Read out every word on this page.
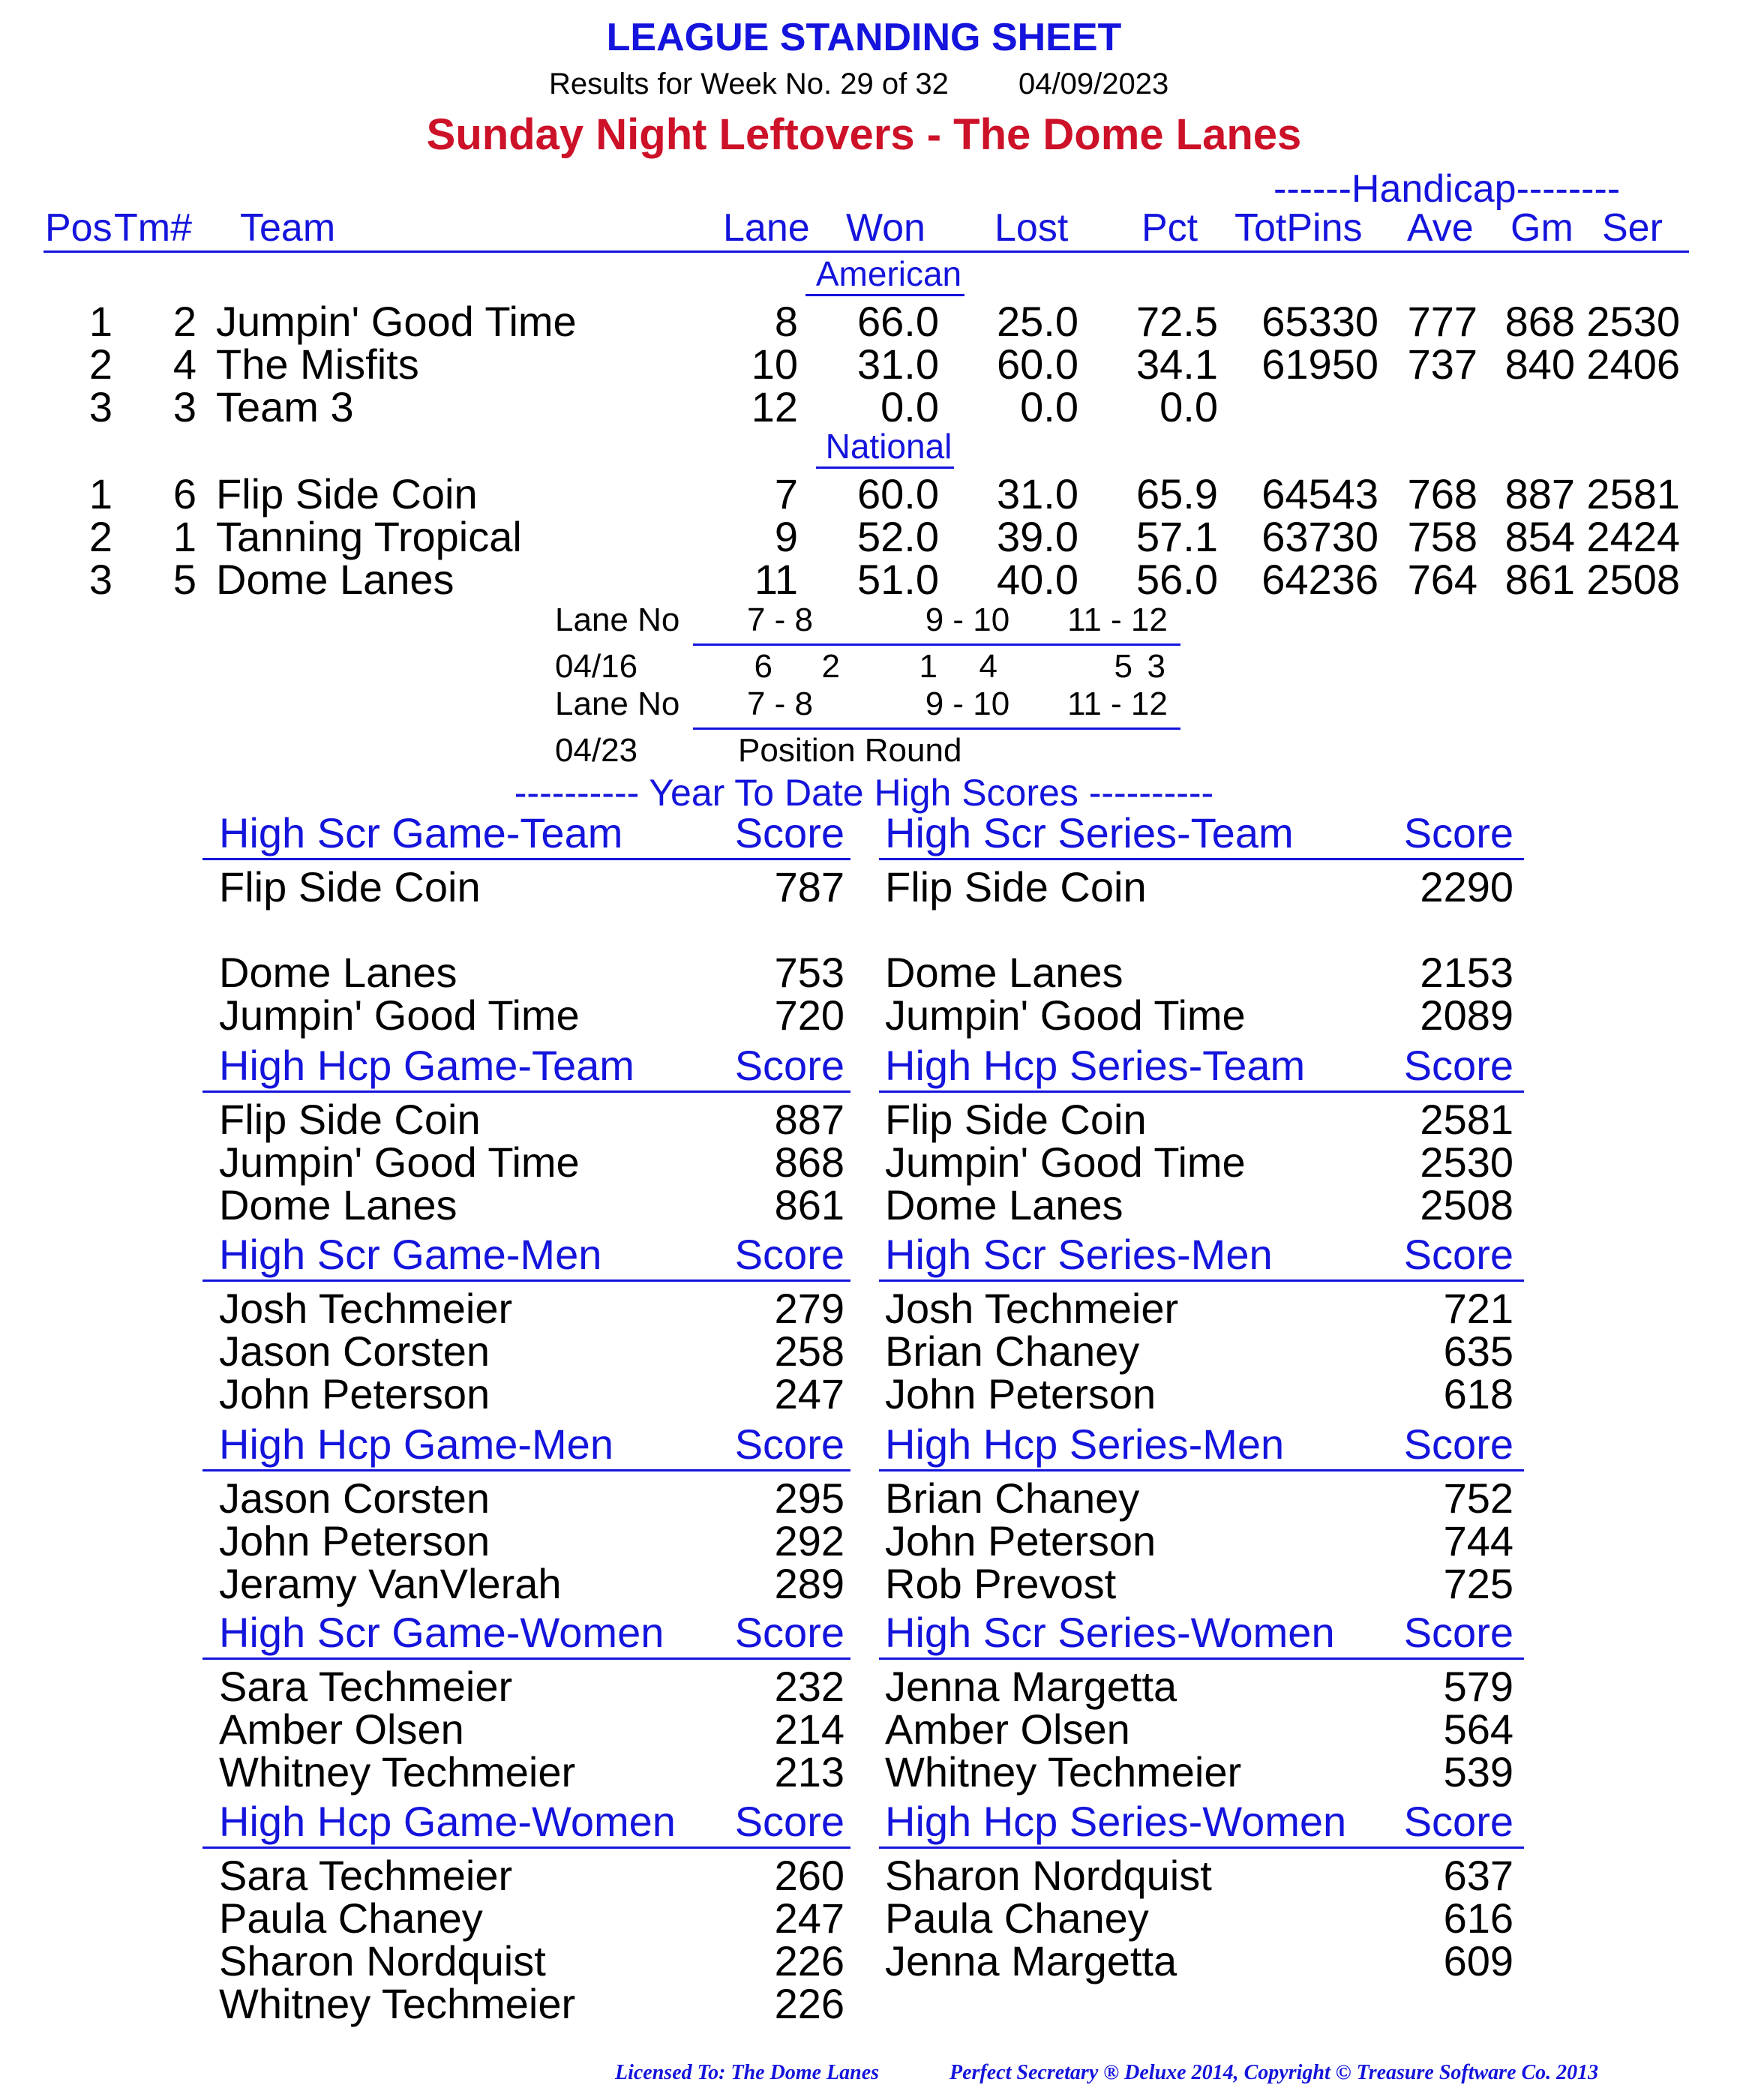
LEAGUE STANDING SHEET
Results for Week No. 29 of 32 04/09/2023
Sunday Night Leftovers - The Dome Lanes
------Handicap--------
Pos Tm# Team	Lane Won Lost Pct TotPins Ave Gm Ser
American
1	2 Jumpin' Good Time	8	66.0	25.0	72.5	65330 777 868 2530
2	4 The Misfits	10	31.0	60.0	34.1	61950 737 840 2406
3	3 Team 3	12	0.0	0.0	0.0
National
1	6 Flip Side Coin	7	60.0	31.0	65.9	64543 768 887 2581
2	1 Tanning Tropical	9	52.0	39.0	57.1	63730 758 854 2424
3	5 Dome Lanes	11	51.0	40.0	56.0	64236 764 861 2508
Lane No	7 - 8	9 - 10	11 - 12
04/16	6	2	1	4	5 3
Lane No	7 - 8	9 - 10	11 - 12
04/23	Position Round
---------- Year To Date High Scores ----------
High Scr Game-Team	Score
Flip Side Coin	787
Dome Lanes	753
Jumpin' Good Time	720
High Scr Series-Team	Score
Flip Side Coin	2290
Dome Lanes	2153
Jumpin' Good Time	2089
High Hcp Game-Team	Score
Flip Side Coin	887
Jumpin' Good Time	868
Dome Lanes	861
High Hcp Series-Team	Score
Flip Side Coin	2581
Jumpin' Good Time	2530
Dome Lanes	2508
High Scr Game-Men	Score
Josh Techmeier	279
Jason Corsten	258
John Peterson	247
High Scr Series-Men	Score
Josh Techmeier	721
Brian Chaney	635
John Peterson	618
High Hcp Game-Men	Score
Jason Corsten	295
John Peterson	292
Jeramy VanVlerah	289
High Hcp Series-Men	Score
Brian Chaney	752
John Peterson	744
Rob Prevost	725
High Scr Game-Women	Score
Sara Techmeier	232
Amber Olsen	214
Whitney Techmeier	213
High Scr Series-Women	Score
Jenna Margetta	579
Amber Olsen	564
Whitney Techmeier	539
High Hcp Game-Women	Score
Sara Techmeier	260
Paula Chaney	247
Sharon Nordquist	226
Whitney Techmeier	226
High Hcp Series-Women	Score
Sharon Nordquist	637
Paula Chaney	616
Jenna Margetta	609
Licensed To: The Dome Lanes	Perfect Secretary ® Deluxe 2014, Copyright © Treasure Software Co. 2013
